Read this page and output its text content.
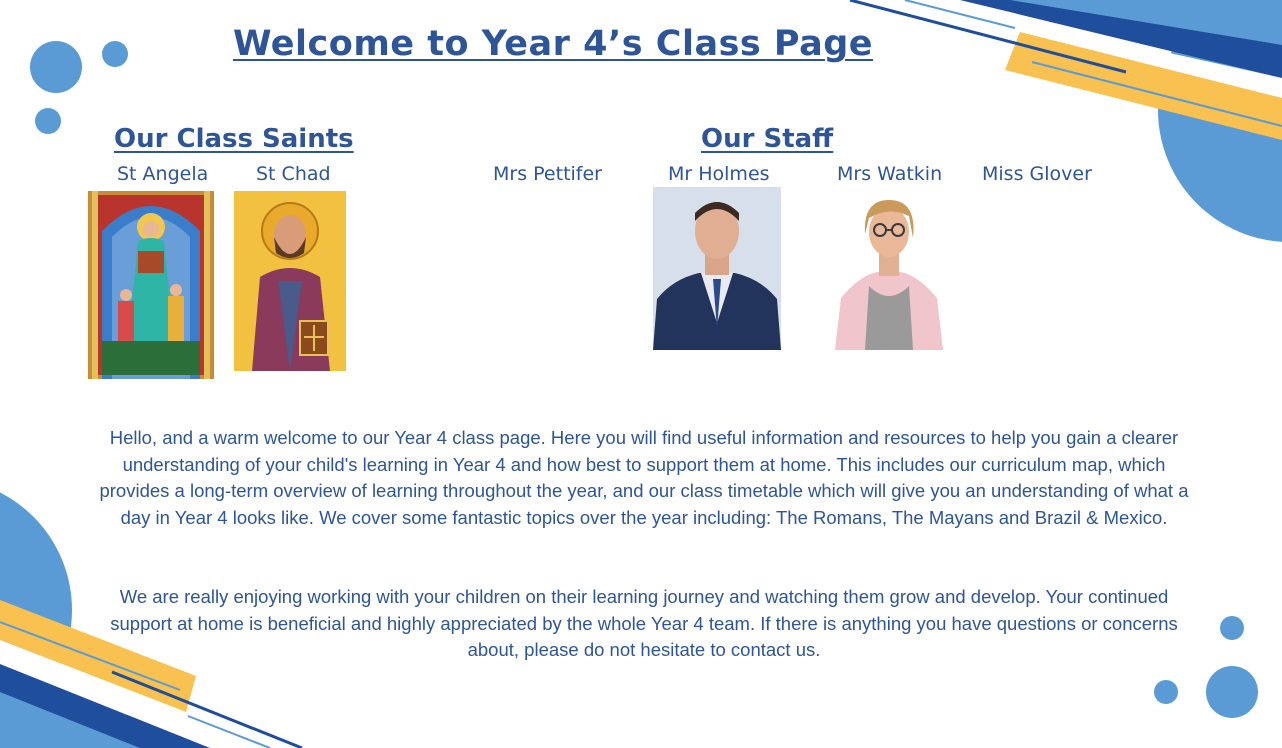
Welcome to Year 4’s Class Page
Our Class Saints
St Angela	St Chad
Our Staff
Mrs Pettifer	Mr Holmes	Mrs Watkin Miss Glover
Hello, and a warm welcome to our Year 4 class page. Here you will find useful information and resources to help you gain a clearer understanding of your child's learning in Year 4 and how best to support them at home. This includes our curriculum map, which provides a long-term overview of learning throughout the year, and our class timetable which will give you an understanding of what a day in Year 4 looks like. We cover some fantastic topics over the year including: The Romans, The Mayans and Brazil & Mexico.
We are really enjoying working with your children on their learning journey and watching them grow and develop. Your continued support at home is beneficial and highly appreciated by the whole Year 4 team. If there is anything you have questions or concerns about, please do not hesitate to contact us.
